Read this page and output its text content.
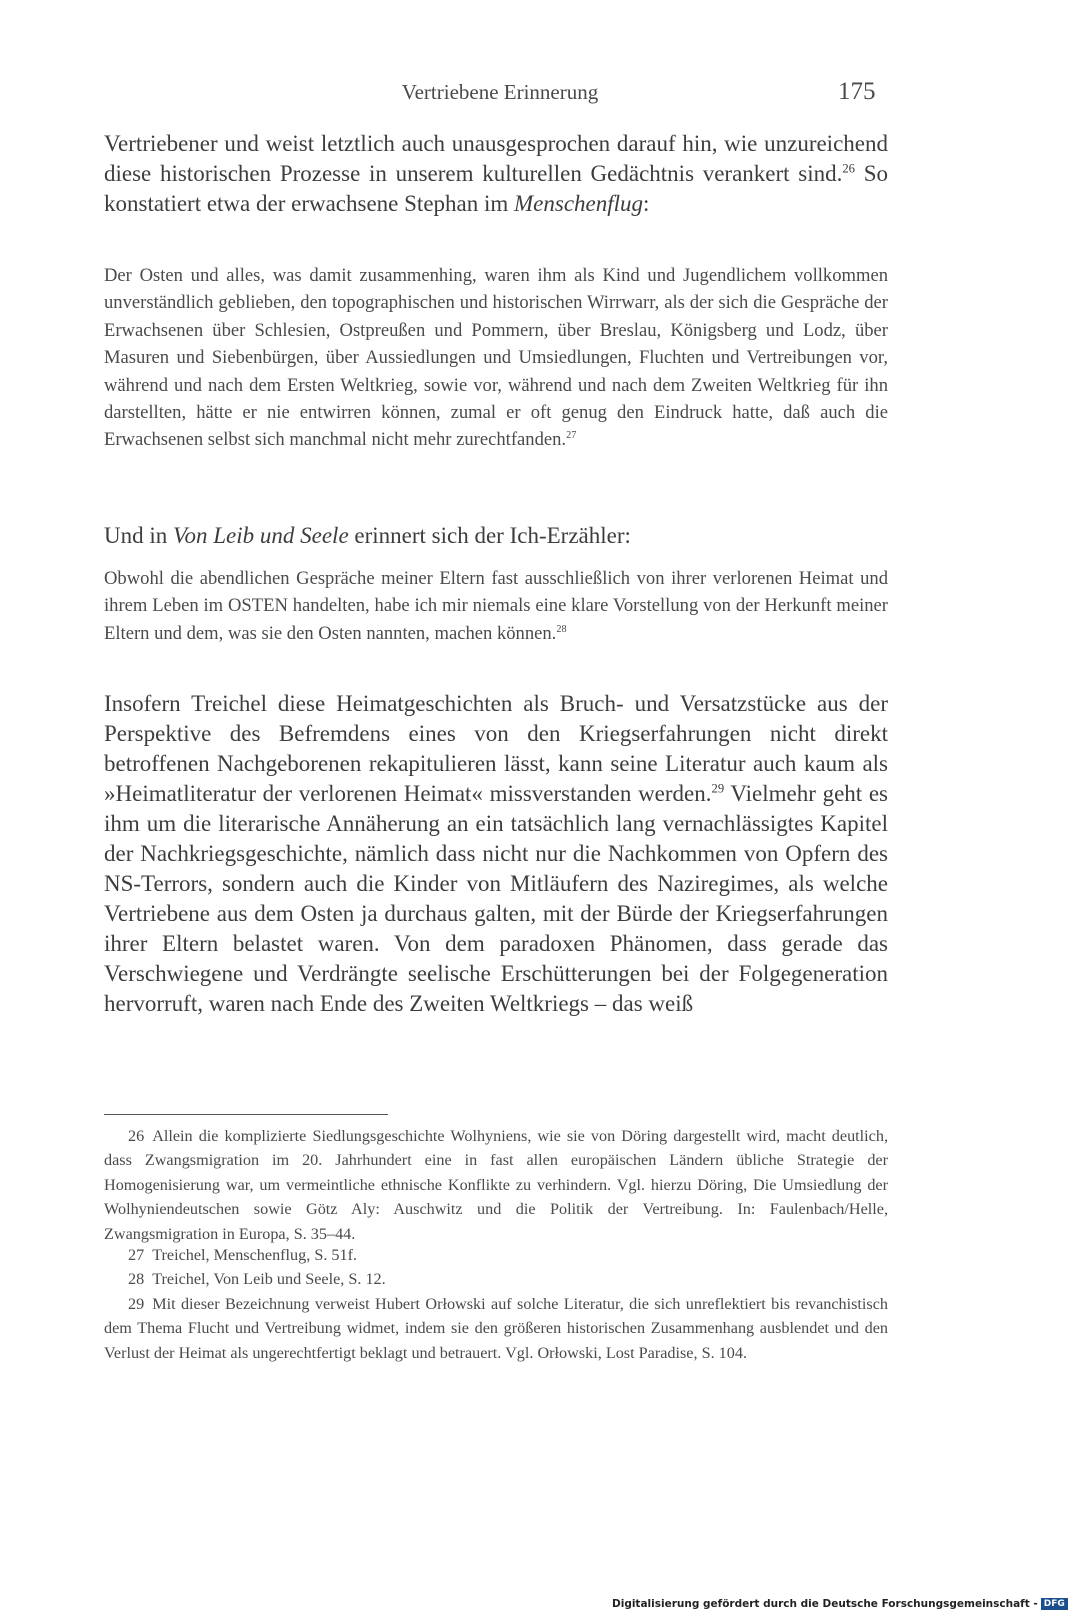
Vertriebene Erinnerung	175

Vertriebener und weist letztlich auch unausgesprochen darauf hin, wie unzureichend diese historischen Prozesse in unserem kulturellen Gedächtnis verankert sind.$^{26}$ So konstatiert etwa der erwachsene Stephan im Menschenflug:

Der Osten und alles, was damit zusammenhing, waren ihm als Kind und Jugendlichem vollkommen unverständlich geblieben, den topographischen und historischen Wirrwarr, als der sich die Gespräche der Erwachsenen über Schlesien, Ostpreußen und Pommern, über Breslau, Königsberg und Lodz, über Masuren und Siebenbürgen, über Aussiedlungen und Umsiedlungen, Fluchten und Vertreibungen vor, während und nach dem Ersten Weltkrieg, sowie vor, während und nach dem Zweiten Weltkrieg für ihn darstellten, hätte er nie entwirren können, zumal er oft genug den Eindruck hatte, daß auch die Erwachsenen selbst sich manchmal nicht mehr zurechtfanden.$^{27}$

Und in Von Leib und Seele erinnert sich der Ich-Erzähler:

Obwohl die abendlichen Gespräche meiner Eltern fast ausschließlich von ihrer verlorenen Heimat und ihrem Leben im OSTEN handelten, habe ich mir niemals eine klare Vorstellung von der Herkunft meiner Eltern und dem, was sie den Osten nannten, machen können.$^{28}$

Insofern Treichel diese Heimatgeschichten als Bruch- und Versatzstücke aus der Perspektive des Befremdens eines von den Kriegserfahrungen nicht direkt betroffenen Nachgeborenen rekapitulieren lässt, kann seine Literatur auch kaum als »Heimatliteratur der verlorenen Heimat« missverstanden werden.$^{29}$ Vielmehr geht es ihm um die literarische Annäherung an ein tatsächlich lang vernachlässigtes Kapitel der Nachkriegsgeschichte, nämlich dass nicht nur die Nachkommen von Opfern des NS-Terrors, sondern auch die Kinder von Mitläufern des Naziregimes, als welche Vertriebene aus dem Osten ja durchaus galten, mit der Bürde der Kriegserfahrungen ihrer Eltern belastet waren. Von dem paradoxen Phänomen, dass gerade das Verschwiegene und Verdrängte seelische Erschütterungen bei der Folgegeneration hervorruft, waren nach Ende des Zweiten Weltkriegs – das weiß

26 Allein die komplizierte Siedlungsgeschichte Wolhyniens, wie sie von Döring dargestellt wird, macht deutlich, dass Zwangsmigration im 20. Jahrhundert eine in fast allen europäischen Ländern übliche Strategie der Homogenisierung war, um vermeintliche ethnische Konflikte zu verhindern. Vgl. hierzu Döring, Die Umsiedlung der Wolhyniendeutschen sowie Götz Aly: Auschwitz und die Politik der Vertreibung. In: Faulenbach/Helle, Zwangsmigration in Europa, S. 35–44.

27 Treichel, Menschenflug, S. 51f.

28 Treichel, Von Leib und Seele, S. 12.

29 Mit dieser Bezeichnung verweist Hubert Orłowski auf solche Literatur, die sich unreflektiert bis revanchistisch dem Thema Flucht und Vertreibung widmet, indem sie den größeren historischen Zusammenhang ausblendet und den Verlust der Heimat als ungerechtfertigt beklagt und betrauert. Vgl. Orłowski, Lost Paradise, S. 104.

Digitalisierung gefördert durch die Deutsche Forschungsgemeinschaft - DFG
